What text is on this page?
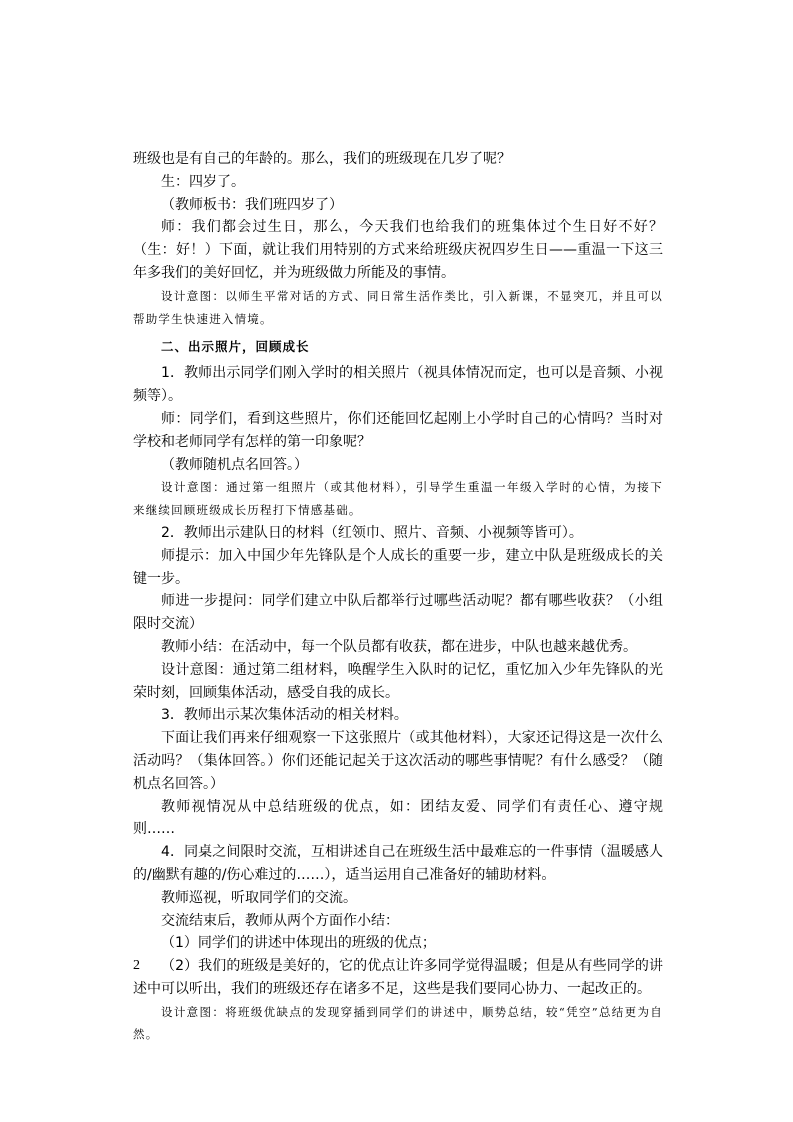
班级也是有自己的年龄的。那么，我们的班级现在几岁了呢？

生：四岁了。

（教师板书：我们班四岁了）

师：我们都会过生日，那么，今天我们也给我们的班集体过个生日好不好？（生：好！）下面，就让我们用特别的方式来给班级庆祝四岁生日——重温一下这三年多我们的美好回忆，并为班级做力所能及的事情。

设计意图：以师生平常对话的方式、同日常生活作类比，引入新课，不显突兀，并且可以帮助学生快速进入情境。

二、出示照片，回顾成长

1．教师出示同学们刚入学时的相关照片（视具体情况而定，也可以是音频、小视频等）。

师：同学们，看到这些照片，你们还能回忆起刚上小学时自己的心情吗？当时对学校和老师同学有怎样的第一印象呢？

（教师随机点名回答。）

设计意图：通过第一组照片（或其他材料），引导学生重温一年级入学时的心情，为接下来继续回顾班级成长历程打下情感基础。

2．教师出示建队日的材料（红领巾、照片、音频、小视频等皆可）。

师提示：加入中国少年先锋队是个人成长的重要一步，建立中队是班级成长的关键一步。

师进一步提问：同学们建立中队后都举行过哪些活动呢？都有哪些收获？（小组限时交流）

教师小结：在活动中，每一个队员都有收获，都在进步，中队也越来越优秀。

设计意图：通过第二组材料，唤醒学生入队时的记忆，重忆加入少年先锋队的光荣时刻，回顾集体活动，感受自我的成长。

3．教师出示某次集体活动的相关材料。

下面让我们再来仔细观察一下这张照片（或其他材料），大家还记得这是一次什么活动吗？（集体回答。）你们还能记起关于这次活动的哪些事情呢？有什么感受？（随机点名回答。）

教师视情况从中总结班级的优点，如：团结友爱、同学们有责任心、遵守规则……

4．同桌之间限时交流，互相讲述自己在班级生活中最难忘的一件事情（温暖感人的/幽默有趣的/伤心难过的……），适当运用自己准备好的辅助材料。

教师巡视，听取同学们的交流。

交流结束后，教师从两个方面作小结：

（1）同学们的讲述中体现出的班级的优点；

（2）我们的班级是美好的，它的优点让许多同学觉得温暖；但是从有些同学的讲述中可以听出，我们的班级还存在诸多不足，这些是我们要同心协力、一起改正的。

设计意图：将班级优缺点的发现穿插到同学们的讲述中，顺势总结，较“凭空”总结更为自然。

2
